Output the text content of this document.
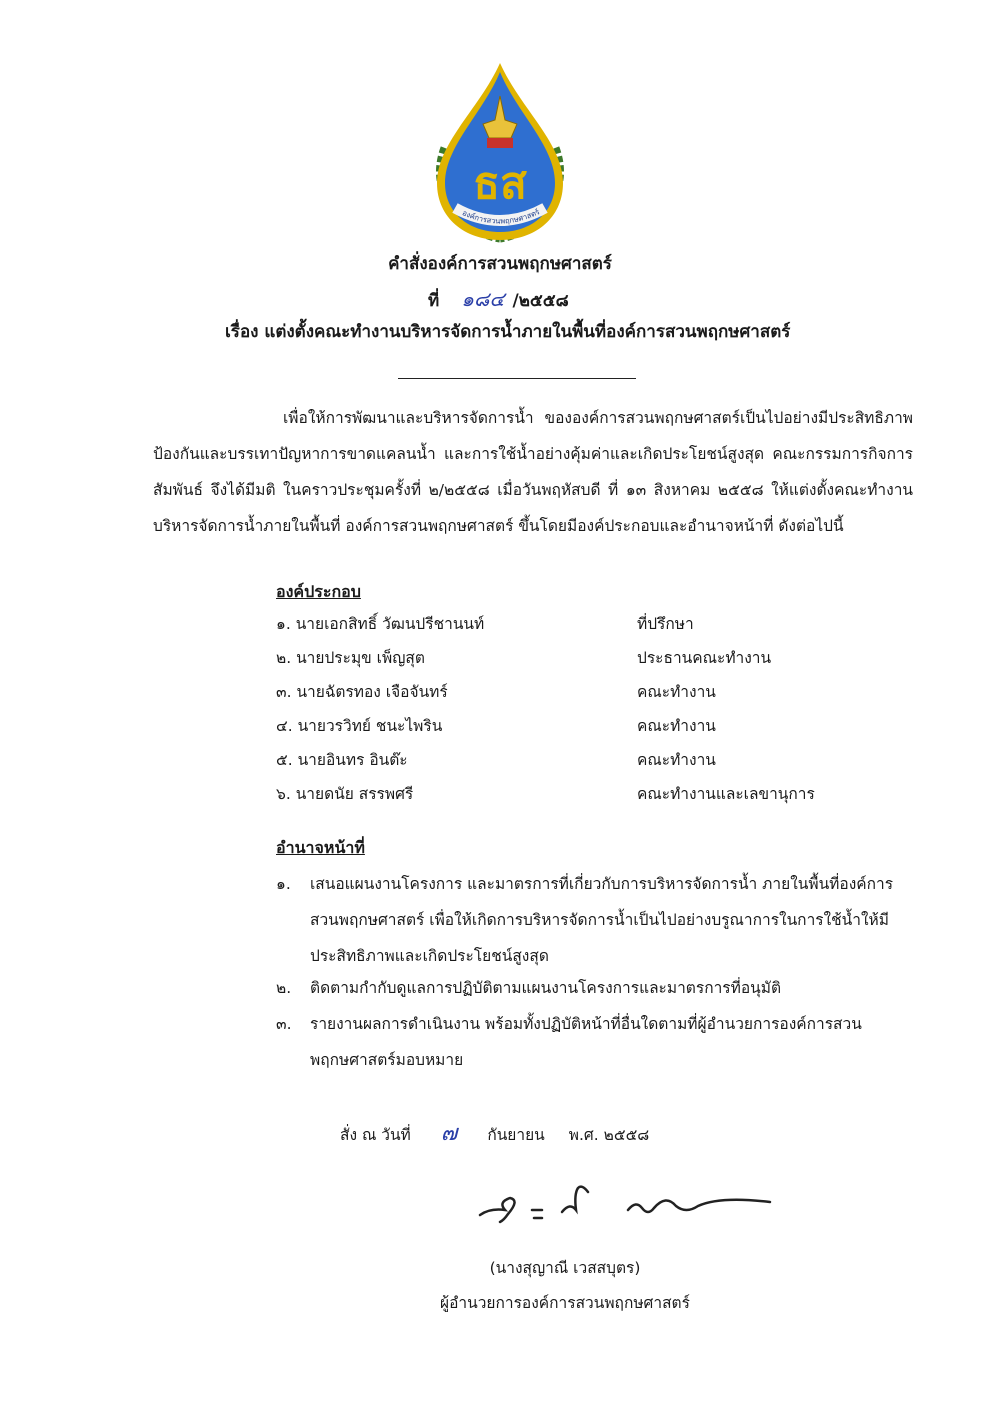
ธส
องค์การสวนพฤกษศาสตร์
คำสั่งองค์การสวนพฤกษศาสตร์
ที่ ๑๘๔ /๒๕๕๘
เรื่อง แต่งตั้งคณะทำงานบริหารจัดการน้ำภายในพื้นที่องค์การสวนพฤกษศาสตร์

เพื่อให้การพัฒนาและบริหารจัดการน้ำ ขององค์การสวนพฤกษศาสตร์เป็นไปอย่างมีประสิทธิภาพ ป้องกันและบรรเทาปัญหาการขาดแคลนน้ำ และการใช้น้ำอย่างคุ้มค่าและเกิดประโยชน์สูงสุด คณะกรรมการกิจการสัมพันธ์ จึงได้มีมติ ในคราวประชุมครั้งที่ ๒/๒๕๕๘ เมื่อวันพฤหัสบดี ที่ ๑๓ สิงหาคม ๒๕๕๘ ให้แต่งตั้งคณะทำงานบริหารจัดการน้ำภายในพื้นที่ องค์การสวนพฤกษศาสตร์ ขึ้นโดยมีองค์ประกอบและอำนาจหน้าที่ ดังต่อไปนี้

องค์ประกอบ
๑. นายเอกสิทธิ์ วัฒนปรีชานนท์	ที่ปรึกษา
๒. นายประมุข เพ็ญสุต	ประธานคณะทำงาน
๓. นายฉัตรทอง เจือจันทร์	คณะทำงาน
๔. นายวรวิทย์ ชนะไพริน	คณะทำงาน
๕. นายอินทร อินต๊ะ	คณะทำงาน
๖. นายดนัย สรรพศรี	คณะทำงานและเลขานุการ
อำนาจหน้าที่
๑. เสนอแผนงานโครงการ และมาตรการที่เกี่ยวกับการบริหารจัดการน้ำ ภายในพื้นที่องค์การสวนพฤกษศาสตร์ เพื่อให้เกิดการบริหารจัดการน้ำเป็นไปอย่างบรูณาการในการใช้น้ำให้มีประสิทธิภาพและเกิดประโยชน์สูงสุด
๒. ติดตามกำกับดูแลการปฏิบัติตามแผนงานโครงการและมาตรการที่อนุมัติ
๓. รายงานผลการดำเนินงาน พร้อมทั้งปฏิบัติหน้าที่อื่นใดตามที่ผู้อำนวยการองค์การสวนพฤกษศาสตร์มอบหมาย
สั่ง ณ วันที่ ๗ กันยายน พ.ศ. ๒๕๕๘
(นางสุญาณี เวสสบุตร)
ผู้อำนวยการองค์การสวนพฤกษศาสตร์
